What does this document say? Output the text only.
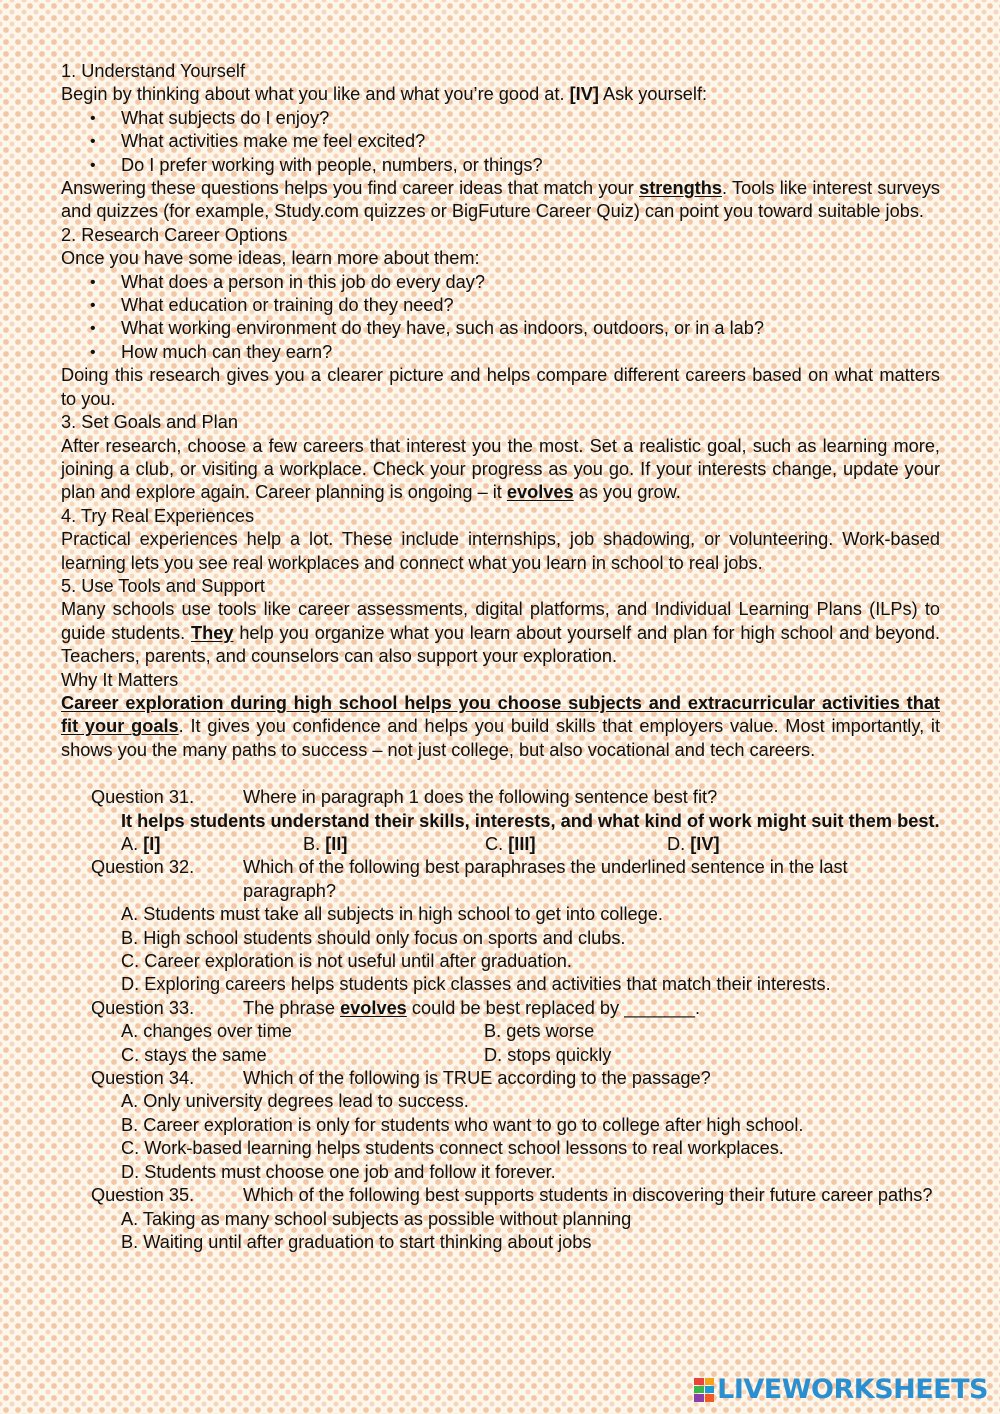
1. Understand Yourself

Begin by thinking about what you like and what you’re good at. [IV] Ask yourself:

• What subjects do I enjoy?
• What activities make me feel excited?
• Do I prefer working with people, numbers, or things?

Answering these questions helps you find career ideas that match your strengths. Tools like interest surveys and quizzes (for example, Study.com quizzes or BigFuture Career Quiz) can point you toward suitable jobs.

2. Research Career Options

Once you have some ideas, learn more about them:

• What does a person in this job do every day?
• What education or training do they need?
• What working environment do they have, such as indoors, outdoors, or in a lab?
• How much can they earn?

Doing this research gives you a clearer picture and helps compare different careers based on what matters to you.

3. Set Goals and Plan

After research, choose a few careers that interest you the most. Set a realistic goal, such as learning more, joining a club, or visiting a workplace. Check your progress as you go. If your interests change, update your plan and explore again. Career planning is ongoing – it evolves as you grow.

4. Try Real Experiences

Practical experiences help a lot. These include internships, job shadowing, or volunteering. Work-based learning lets you see real workplaces and connect what you learn in school to real jobs.

5. Use Tools and Support

Many schools use tools like career assessments, digital platforms, and Individual Learning Plans (ILPs) to guide students. They help you organize what you learn about yourself and plan for high school and beyond. Teachers, parents, and counselors can also support your exploration.

Why It Matters

Career exploration during high school helps you choose subjects and extracurricular activities that fit your goals. It gives you confidence and helps you build skills that employers value. Most importantly, it shows you the many paths to success – not just college, but also vocational and tech careers.

Question 31.	Where in paragraph 1 does the following sentence best fit?

It helps students understand their skills, interests, and what kind of work might suit them best.

A. [I]	B. [II]	C. [III]	D. [IV]
Question 32.	Which of the following best paraphrases the underlined sentence in the last paragraph?

A. Students must take all subjects in high school to get into college.

B. High school students should only focus on sports and clubs.

C. Career exploration is not useful until after graduation.

D. Exploring careers helps students pick classes and activities that match their interests.

Question 33.	The phrase evolves could be best replaced by _______.
A. changes over time	B. gets worse
C. stays the same	D. stops quickly
Question 34.	Which of the following is TRUE according to the passage?

A. Only university degrees lead to success.

B. Career exploration is only for students who want to go to college after high school.

C. Work-based learning helps students connect school lessons to real workplaces.

D. Students must choose one job and follow it forever.

Question 35.	Which of the following best supports students in discovering their future career paths?

A. Taking as many school subjects as possible without planning

B. Waiting until after graduation to start thinking about jobs

LIVEWORKSHEETS
